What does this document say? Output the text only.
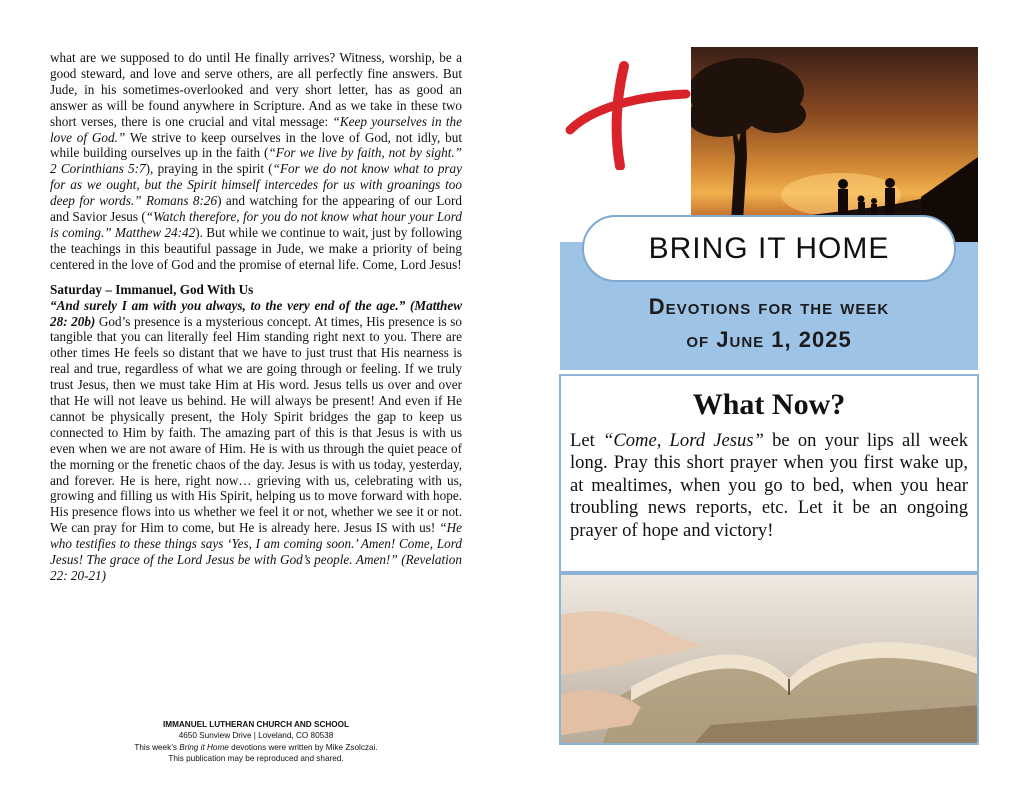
what are we supposed to do until He finally arrives? Witness, worship, be a good steward, and love and serve others, are all perfectly fine answers. But Jude, in his sometimes-overlooked and very short letter, has as good an answer as will be found anywhere in Scripture. And as we take in these two short verses, there is one crucial and vital message: “Keep yourselves in the love of God.” We strive to keep ourselves in the love of God, not idly, but while building ourselves up in the faith (“For we live by faith, not by sight.” 2 Corinthians 5:7), praying in the spirit (“For we do not know what to pray for as we ought, but the Spirit himself intercedes for us with groanings too deep for words.” Romans 8:26) and watching for the appearing of our Lord and Savior Jesus (“Watch therefore, for you do not know what hour your Lord is coming.” Matthew 24:42). But while we continue to wait, just by following the teachings in this beautiful passage in Jude, we make a priority of being centered in the love of God and the promise of eternal life. Come, Lord Jesus!

Saturday – Immanuel, God With Us

“And surely I am with you always, to the very end of the age.” (Matthew 28: 20b) God’s presence is a mysterious concept. At times, His presence is so tangible that you can literally feel Him standing right next to you. There are other times He feels so distant that we have to just trust that His nearness is real and true, regardless of what we are going through or feeling. If we truly trust Jesus, then we must take Him at His word. Jesus tells us over and over that He will not leave us behind. He will always be present! And even if He cannot be physically present, the Holy Spirit bridges the gap to keep us connected to Him by faith. The amazing part of this is that Jesus is with us even when we are not aware of Him. He is with us through the quiet peace of the morning or the frenetic chaos of the day. Jesus is with us today, yesterday, and forever. He is here, right now… grieving with us, celebrating with us, growing and filling us with His Spirit, helping us to move forward with hope. His presence flows into us whether we feel it or not, whether we see it or not. We can pray for Him to come, but He is already here. Jesus IS with us! “He who testifies to these things says ‘Yes, I am coming soon.’ Amen! Come, Lord Jesus! The grace of the Lord Jesus be with God’s people. Amen!” (Revelation 22: 20-21)

IMMANUEL LUTHERAN CHURCH AND SCHOOL
4650 Sunview Drive | Loveland, CO 80538
This week’s Bring it Home devotions were written by Mike Zsolczai.
This publication may be reproduced and shared.
BRING IT HOME
Devotions for the week
of June 1, 2025
What Now?
Let “Come, Lord Jesus” be on your lips all week long. Pray this short prayer when you first wake up, at mealtimes, when you go to bed, when you hear troubling news reports, etc. Let it be an ongoing prayer of hope and victory!
